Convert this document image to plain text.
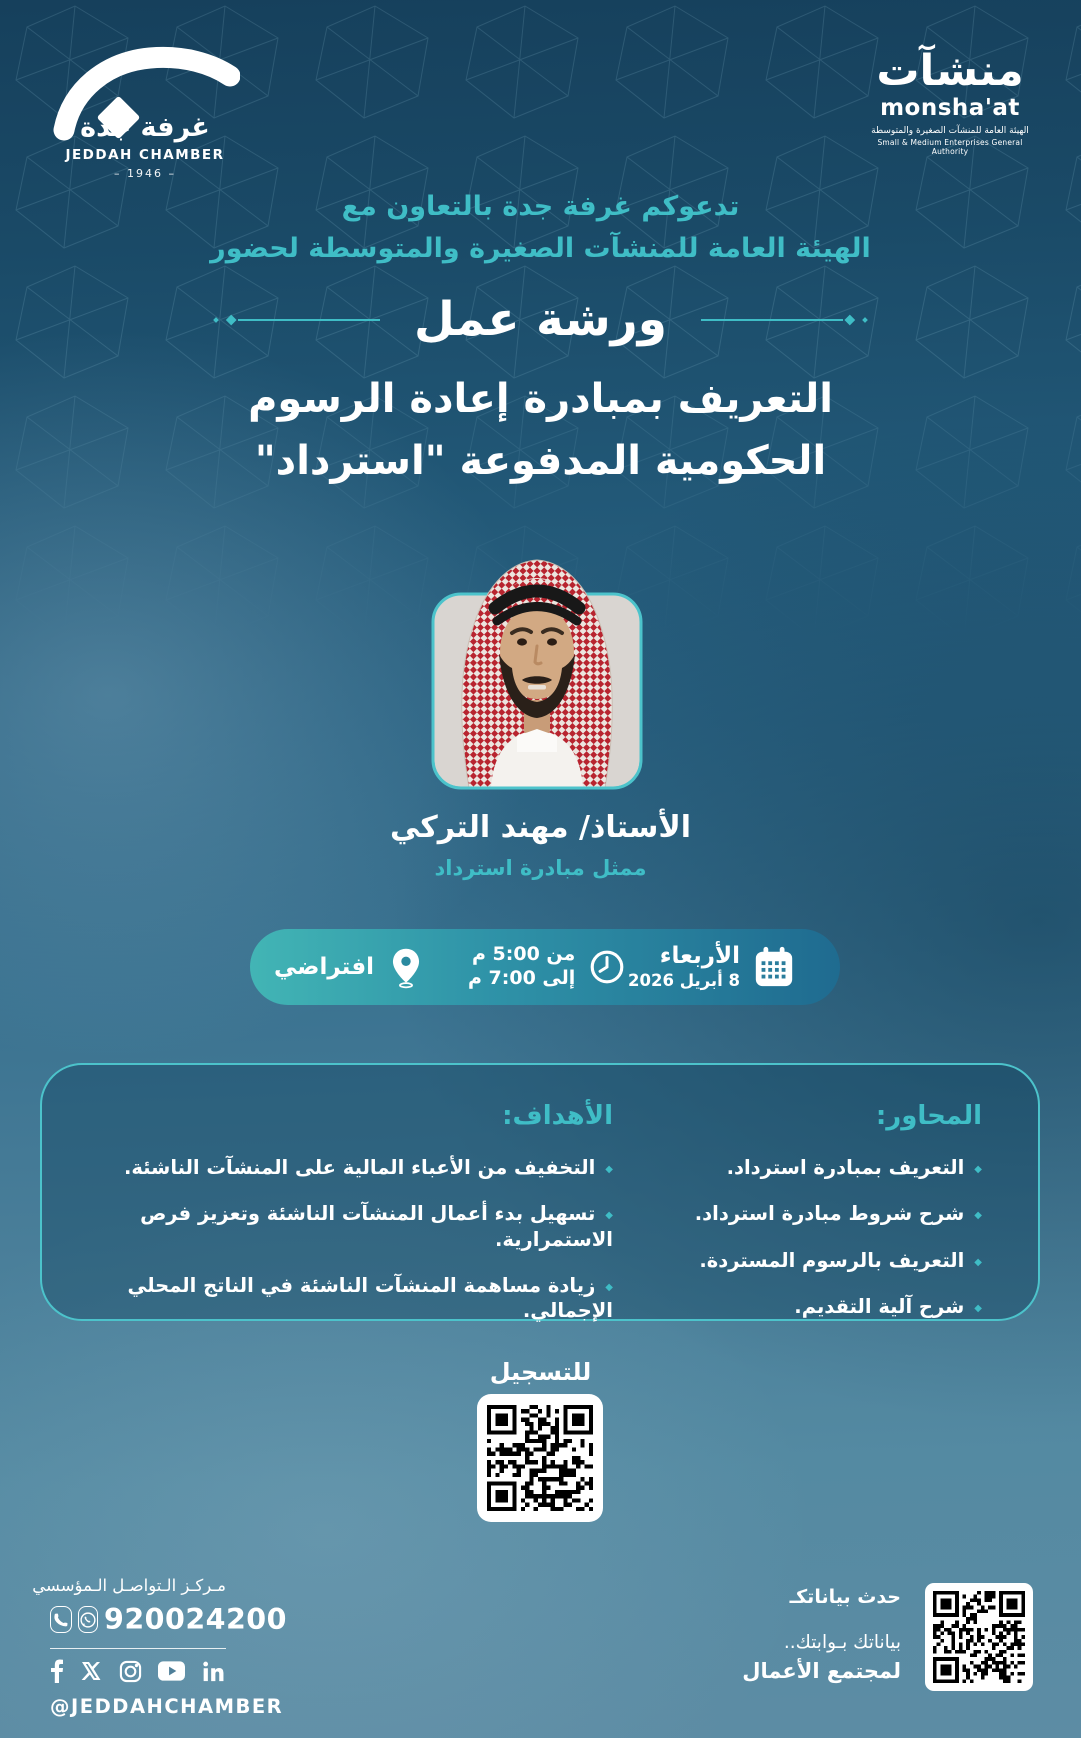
غرفة جدة
JEDDAH CHAMBER
– 1946 –
منشآت
monsha'at
الهيئة العامة للمنشآت الصغيرة والمتوسطة
Small & Medium Enterprises General Authority
تدعوكم غرفة جدة بالتعاون مع
الهيئة العامة للمنشآت الصغيرة والمتوسطة لحضور
ورشة عمل
التعريف بمبادرة إعادة الرسوم
الحكومية المدفوعة "استرداد"
الأستاذ/ مهند التركي
ممثل مبادرة استرداد
الأربعاء
8 أبريل 2026
من 5:00 م
إلى 7:00 م
افتراضي
المحاور:
◆ التعريف بمبادرة استرداد.
◆ شرح شروط مبادرة استرداد.
◆ التعريف بالرسوم المستردة.
◆ شرح آلية التقديم.
الأهداف:
◆ التخفيف من الأعباء المالية على المنشآت الناشئة.
◆ تسهيل بدء أعمال المنشآت الناشئة وتعزيز فرص الاستمرارية.
◆ زيادة مساهمة المنشآت الناشئة في الناتج المحلي الإجمالي.
للتسجيل
مـركـز الـتواصـل الـمؤسسي
920024200
@JEDDAHCHAMBER
حدث بياناتكـ
بياناتك بـوابتك..
لمجتمع الأعمال
